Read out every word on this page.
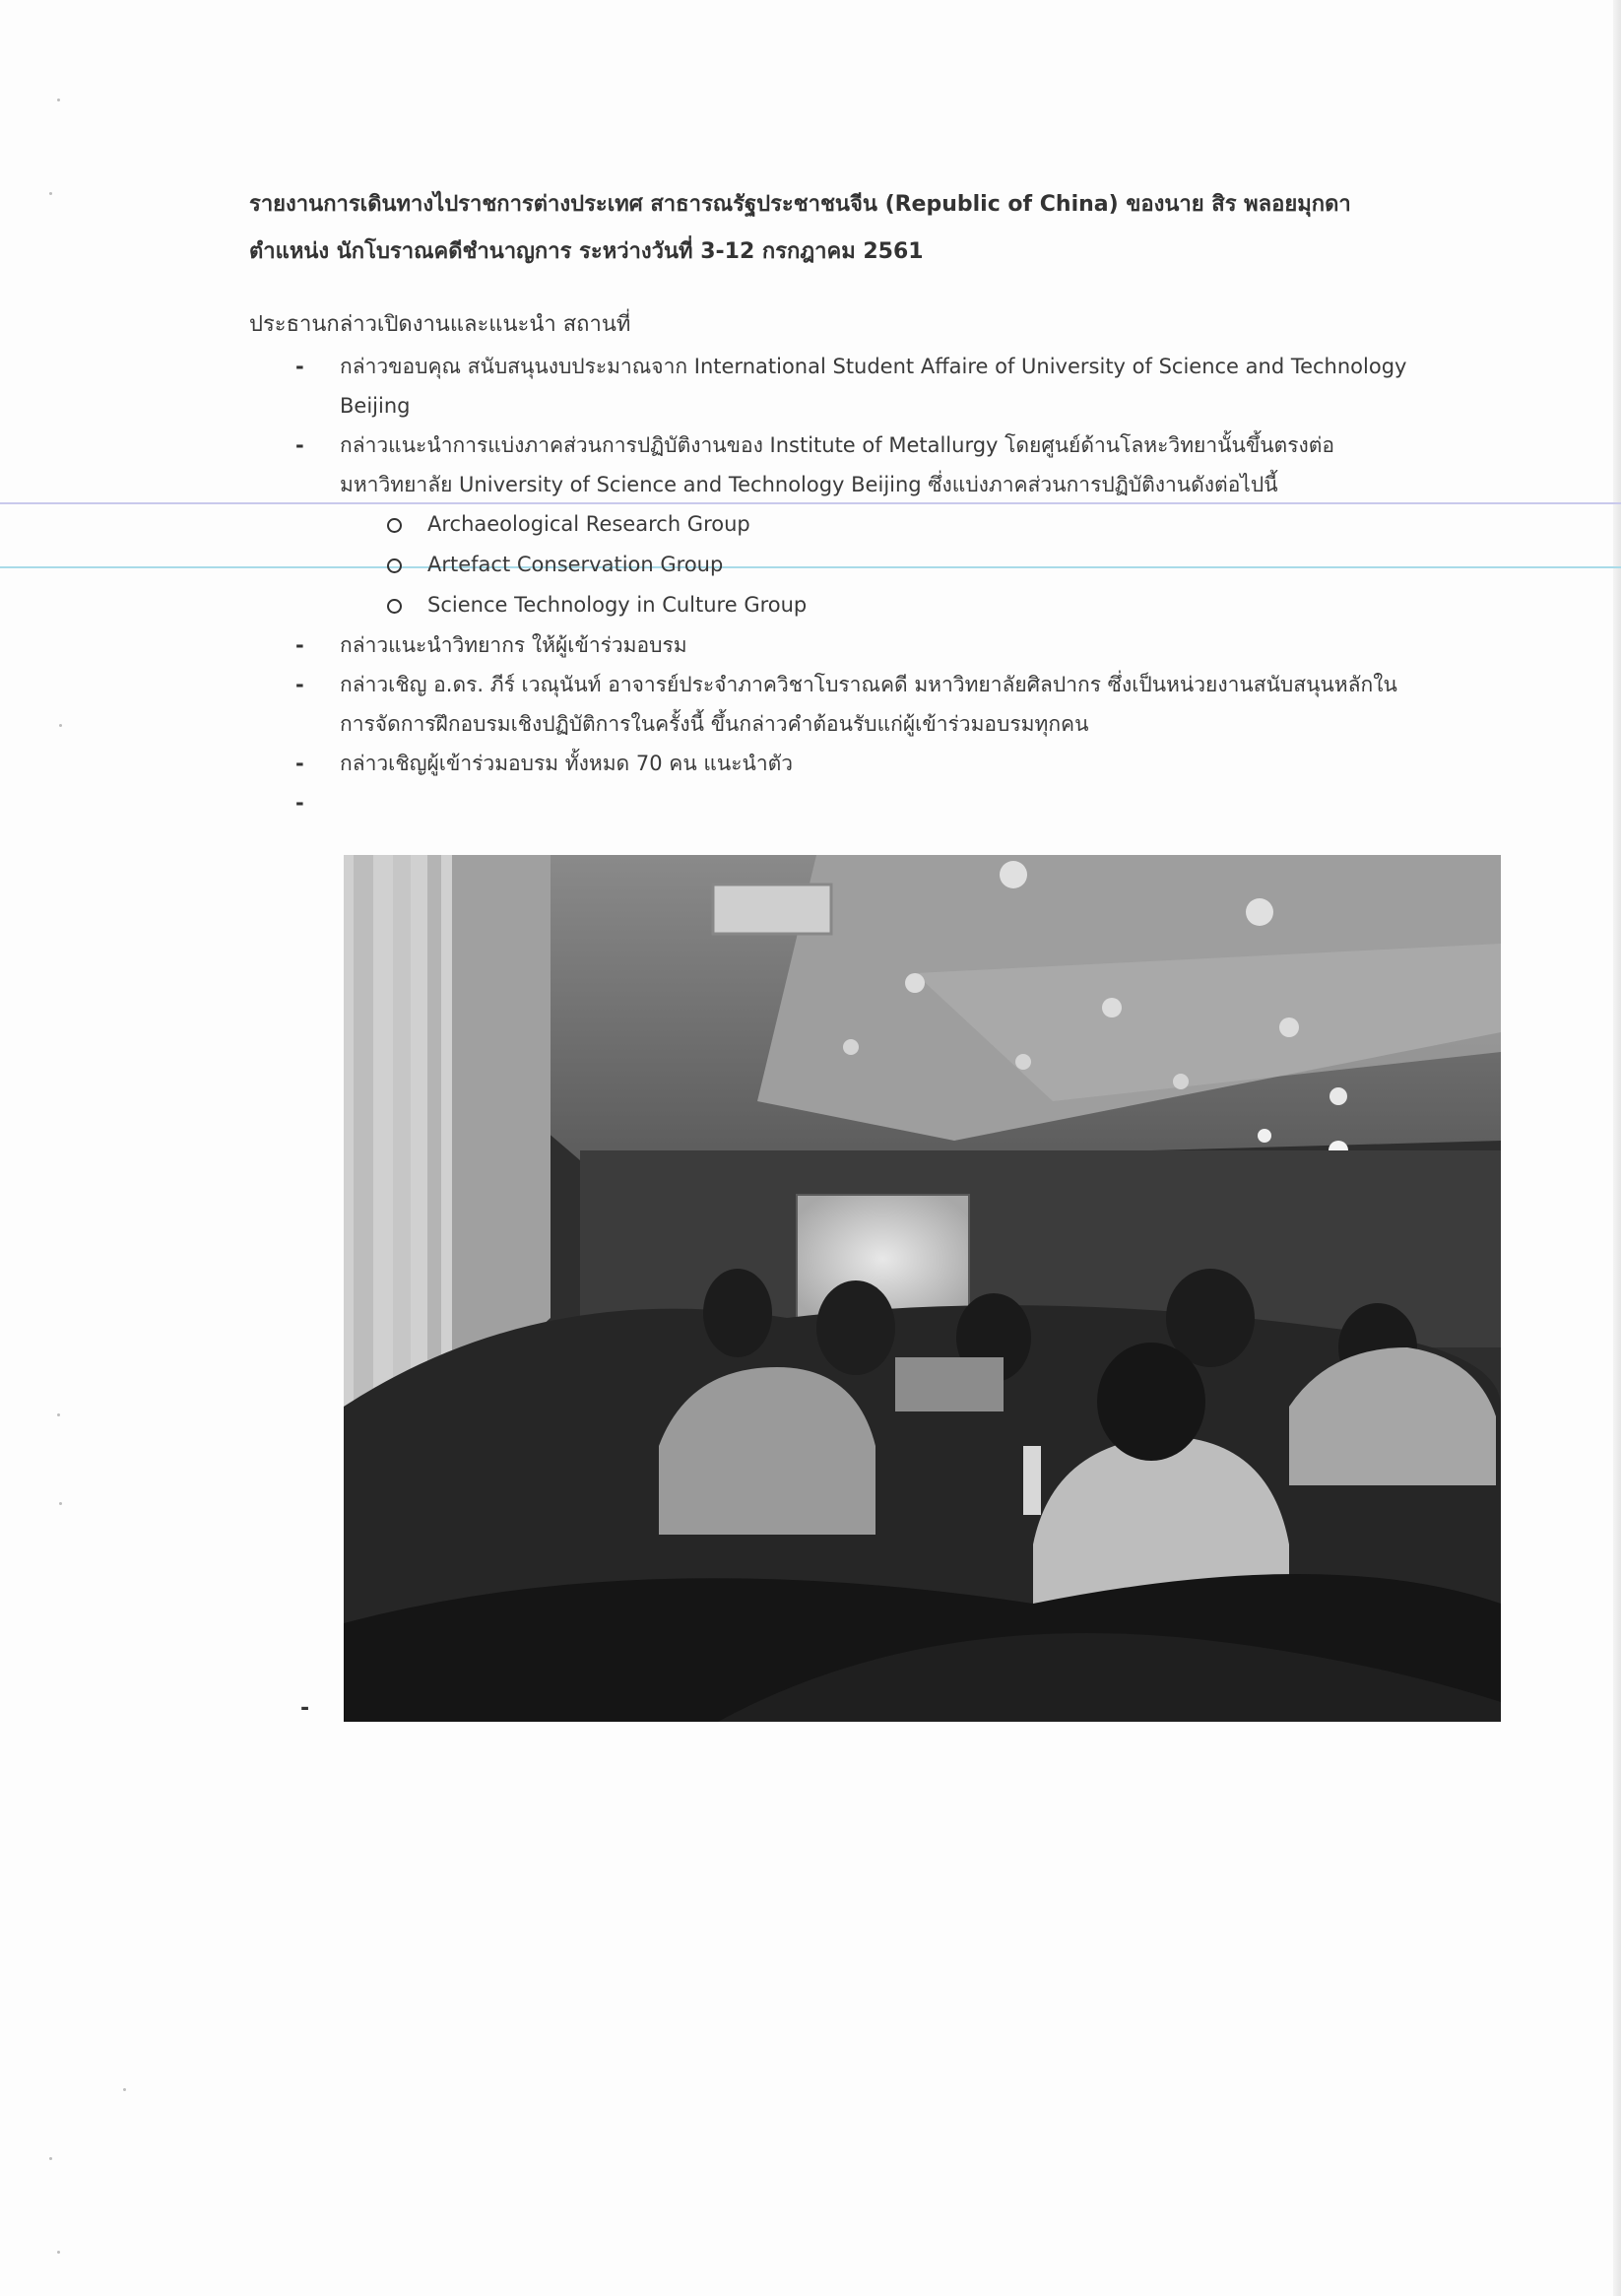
รายงานการเดินทางไปราชการต่างประเทศ สาธารณรัฐประชาชนจีน (Republic of China) ของนาย สิร พลอยมุกดา
ตำแหน่ง นักโบราณคดีชำนาญการ ระหว่างวันที่ 3-12 กรกฎาคม 2561
ประธานกล่าวเปิดงานและแนะนำ สถานที่
- กล่าวขอบคุณ สนับสนุนงบประมาณจาก International Student Affaire of University of Science and Technology Beijing
- กล่าวแนะนำการแบ่งภาคส่วนการปฏิบัติงานของ Institute of Metallurgy โดยศูนย์ด้านโลหะวิทยานั้นขึ้นตรงต่อ มหาวิทยาลัย University of Science and Technology Beijing ซึ่งแบ่งภาคส่วนการปฏิบัติงานดังต่อไปนี้
Archaeological Research Group
Artefact Conservation Group
Science Technology in Culture Group
- กล่าวแนะนำวิทยากร ให้ผู้เข้าร่วมอบรม
- กล่าวเชิญ อ.ดร. ภีร์ เวณุนันท์ อาจารย์ประจำภาควิชาโบราณคดี มหาวิทยาลัยศิลปากร ซึ่งเป็นหน่วยงานสนับสนุนหลักในการจัดการฝึกอบรมเชิงปฏิบัติการในครั้งนี้ ขึ้นกล่าวคำต้อนรับแก่ผู้เข้าร่วมอบรมทุกคน
- กล่าวเชิญผู้เข้าร่วมอบรม ทั้งหมด 70 คน แนะนำตัว
-
-
